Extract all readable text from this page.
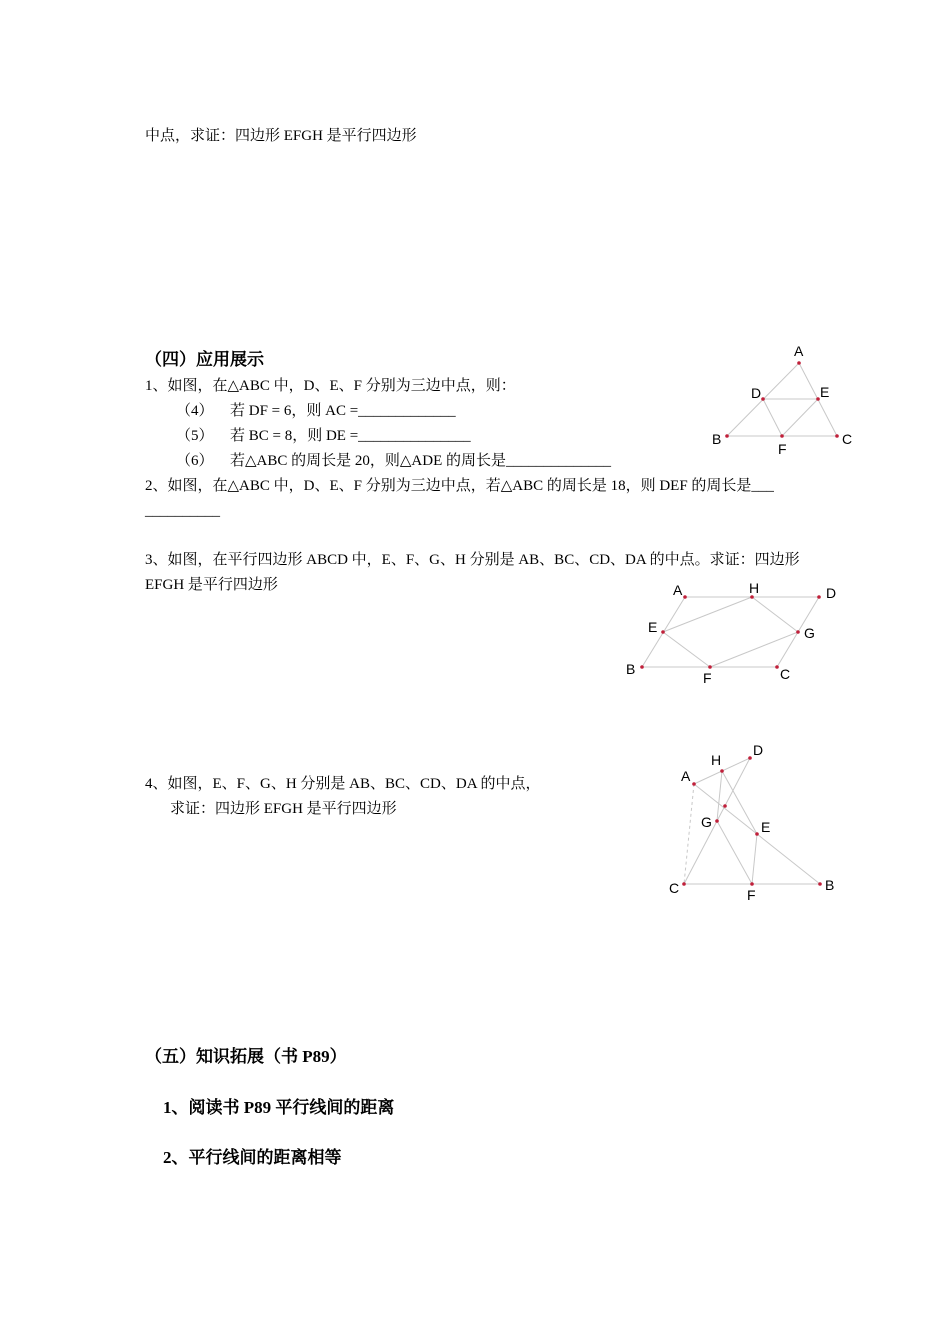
中点，求证：四边形 EFGH 是平行四边形
（四）应用展示
1、如图，在△ABC 中，D、E、F 分别为三边中点，则：
（4） 若 DF = 6，则 AC =_____________
（5） 若 BC = 8，则 DE =_______________
（6） 若△ABC 的周长是 20，则△ADE 的周长是______________
2、如图，在△ABC 中，D、E、F 分别为三边中点，若△ABC 的周长是 18，则 DEF 的周长是___
__________
3、如图，在平行四边形 ABCD 中，E、F、G、H 分别是 AB、BC、CD、DA 的中点。求证：四边形
EFGH 是平行四边形
4、如图，E、F、G、H 分别是 AB、BC、CD、DA 的中点，
求证：四边形 EFGH 是平行四边形
（五）知识拓展（书 P89）
1、阅读书 P89 平行线间的距离
2、平行线间的距离相等
A
D	E
B
F
C
A	H	D
E	G
B
F	C
A
H
D
G	E
C	F
B
